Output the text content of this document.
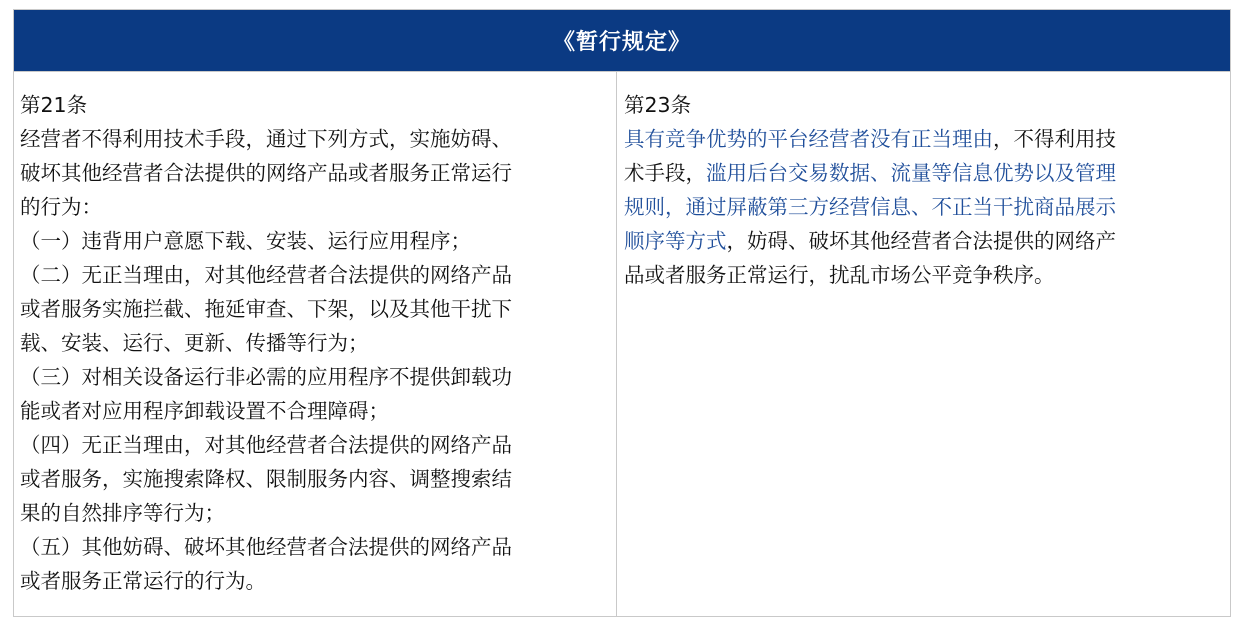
《暂行规定》
第21条
经营者不得利用技术手段，通过下列方式，实施妨碍、
破坏其他经营者合法提供的网络产品或者服务正常运行
的行为：
（一）违背用户意愿下载、安装、运行应用程序；
（二）无正当理由，对其他经营者合法提供的网络产品
或者服务实施拦截、拖延审查、下架，以及其他干扰下
载、安装、运行、更新、传播等行为；
（三）对相关设备运行非必需的应用程序不提供卸载功
能或者对应用程序卸载设置不合理障碍；
（四）无正当理由，对其他经营者合法提供的网络产品
或者服务，实施搜索降权、限制服务内容、调整搜索结
果的自然排序等行为；
（五）其他妨碍、破坏其他经营者合法提供的网络产品
或者服务正常运行的行为。
第23条
具有竞争优势的平台经营者没有正当理由，不得利用技
术手段，滥用后台交易数据、流量等信息优势以及管理
规则，通过屏蔽第三方经营信息、不正当干扰商品展示
顺序等方式，妨碍、破坏其他经营者合法提供的网络产
品或者服务正常运行，扰乱市场公平竞争秩序。
